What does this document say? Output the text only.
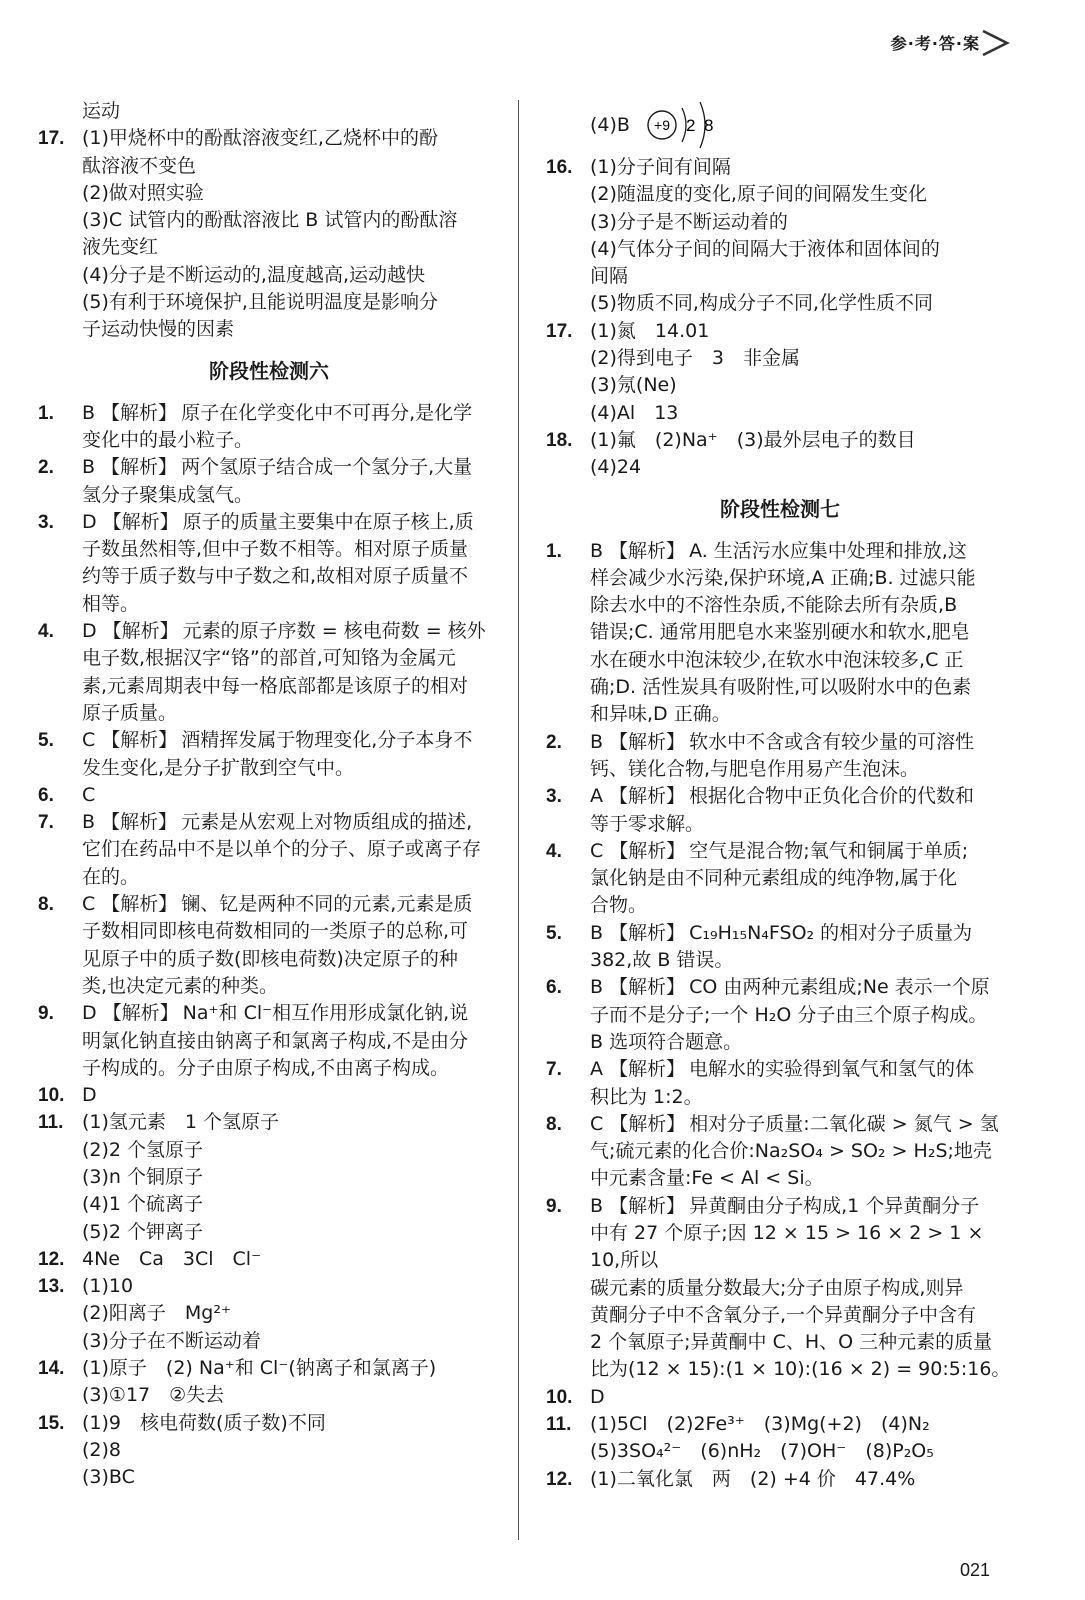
参·考·答·案
运动
17. (1)甲烧杯中的酚酞溶液变红,乙烧杯中的酚
酞溶液不变色
(2)做对照实验
(3)C 试管内的酚酞溶液比 B 试管内的酚酞溶
液先变红
(4)分子是不断运动的,温度越高,运动越快
(5)有利于环境保护,且能说明温度是影响分
子运动快慢的因素
阶段性检测六
1.	B 【解析】 原子在化学变化中不可再分,是化学
变化中的最小粒子。
2.	B 【解析】 两个氢原子结合成一个氢分子,大量
氢分子聚集成氢气。
3.	D 【解析】 原子的质量主要集中在原子核上,质
子数虽然相等,但中子数不相等。相对原子质量
约等于质子数与中子数之和,故相对原子质量不
相等。
4.	D 【解析】 元素的原子序数 = 核电荷数 = 核外
电子数,根据汉字“铬”的部首,可知铬为金属元
素,元素周期表中每一格底部都是该原子的相对
原子质量。
5.	C 【解析】 酒精挥发属于物理变化,分子本身不
发生变化,是分子扩散到空气中。
6.	C
7.	B 【解析】 元素是从宏观上对物质组成的描述,
它们在药品中不是以单个的分子、原子或离子存
在的。
8.	C 【解析】 镧、钇是两种不同的元素,元素是质
子数相同即核电荷数相同的一类原子的总称,可
见原子中的质子数(即核电荷数)决定原子的种
类,也决定元素的种类。
9.	D 【解析】 Na⁺和 Cl⁻相互作用形成氯化钠,说
明氯化钠直接由钠离子和氯离子构成,不是由分
子构成的。分子由原子构成,不由离子构成。
10. D
11. (1)氢元素　1 个氢原子
(2)2 个氢原子
(3)n 个铜原子
(4)1 个硫离子
(5)2 个钾离子
12. 4Ne　Ca　3Cl　Cl⁻
13. (1)10
(2)阳离子　Mg²⁺
(3)分子在不断运动着
14. (1)原子　(2) Na⁺和 Cl⁻(钠离子和氯离子)
(3)①17　②失去
15. (1)9　核电荷数(质子数)不同
(2)8
(3)BC
(4)B +9 2 8
16. (1)分子间有间隔
(2)随温度的变化,原子间的间隔发生变化
(3)分子是不断运动着的
(4)气体分子间的间隔大于液体和固体间的
间隔
(5)物质不同,构成分子不同,化学性质不同
17. (1)氮　14.01
(2)得到电子　3　非金属
(3)氖(Ne)
(4)Al　13
18. (1)氟　(2)Na⁺　(3)最外层电子的数目
(4)24
阶段性检测七
1.	B 【解析】 A. 生活污水应集中处理和排放,这
样会减少水污染,保护环境,A 正确;B. 过滤只能
除去水中的不溶性杂质,不能除去所有杂质,B
错误;C. 通常用肥皂水来鉴别硬水和软水,肥皂
水在硬水中泡沫较少,在软水中泡沫较多,C 正
确;D. 活性炭具有吸附性,可以吸附水中的色素
和异味,D 正确。
2.	B 【解析】 软水中不含或含有较少量的可溶性
钙、镁化合物,与肥皂作用易产生泡沫。
3.	A 【解析】 根据化合物中正负化合价的代数和
等于零求解。
4.	C 【解析】 空气是混合物;氧气和铜属于单质;
氯化钠是由不同种元素组成的纯净物,属于化
合物。
5.	B 【解析】 C₁₉H₁₅N₄FSO₂ 的相对分子质量为
382,故 B 错误。
6.	B 【解析】 CO 由两种元素组成;Ne 表示一个原
子而不是分子;一个 H₂O 分子由三个原子构成。
B 选项符合题意。
7.	A 【解析】 电解水的实验得到氧气和氢气的体
积比为 1:2。
8.	C 【解析】 相对分子质量:二氧化碳 > 氮气 > 氢
气;硫元素的化合价:Na₂SO₄ > SO₂ > H₂S;地壳
中元素含量:Fe < Al < Si。
9.	B 【解析】 异黄酮由分子构成,1 个异黄酮分子
中有 27 个原子;因 12 × 15 > 16 × 2 > 1 × 10,所以
碳元素的质量分数最大;分子由原子构成,则异
黄酮分子中不含氧分子,一个异黄酮分子中含有
2 个氧原子;异黄酮中 C、H、O 三种元素的质量
比为(12 × 15):(1 × 10):(16 × 2) = 90:5:16。
10. D
11. (1)5Cl　(2)2Fe³⁺　(3)Mg(+2)　(4)N₂
(5)3SO₄²⁻　(6)nH₂　(7)OH⁻　(8)P₂O₅
12. (1)二氧化氯　两　(2) +4 价　47.4%
021
